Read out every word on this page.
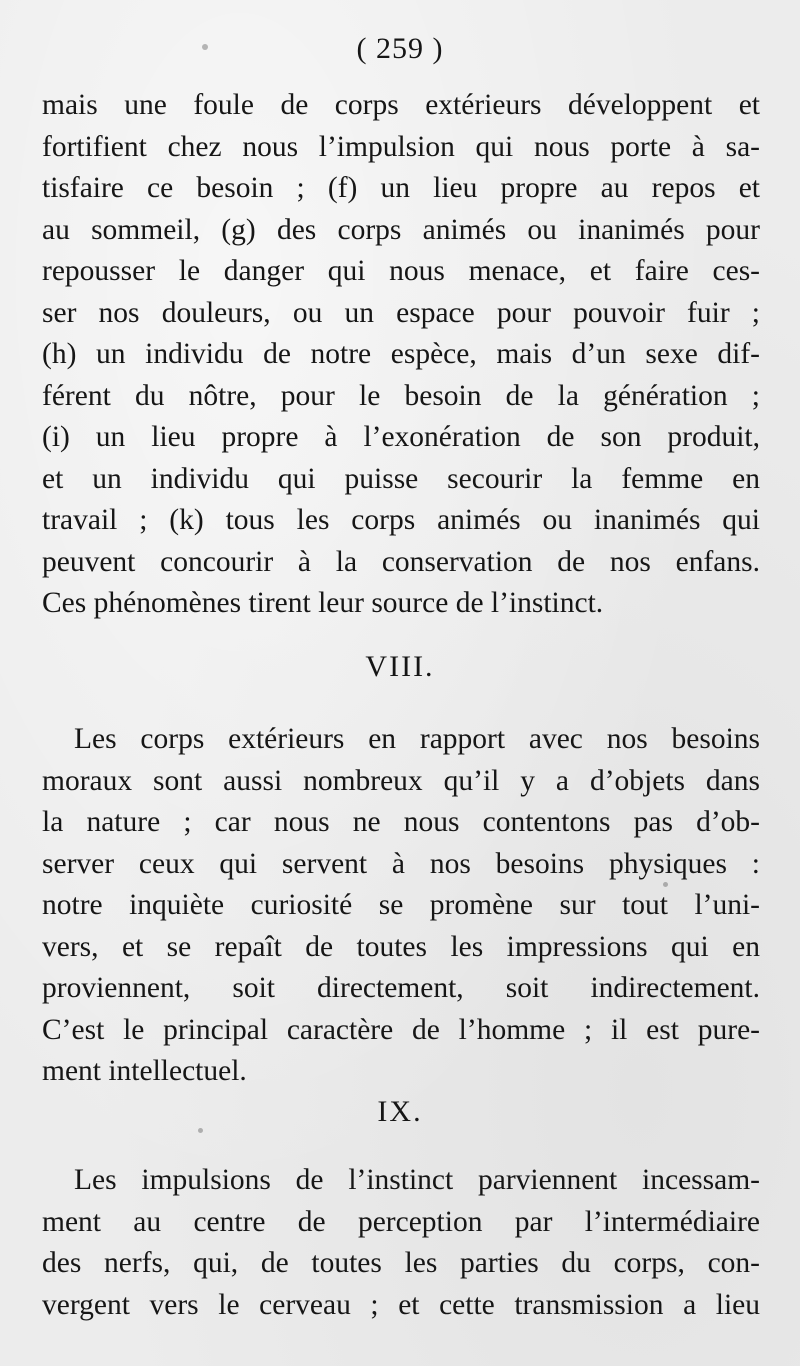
( 259 )
mais une foule de corps extérieurs développent et
fortifient chez nous l’impulsion qui nous porte à sa-
tisfaire ce besoin ; (f) un lieu propre au repos et
au sommeil, (g) des corps animés ou inanimés pour
repousser le danger qui nous menace, et faire ces-
ser nos douleurs, ou un espace pour pouvoir fuir ;
(h) un individu de notre espèce, mais d’un sexe dif-
férent du nôtre, pour le besoin de la génération ;
(i) un lieu propre à l’exonération de son produit,
et un individu qui puisse secourir la femme en
travail ; (k) tous les corps animés ou inanimés qui
peuvent concourir à la conservation de nos enfans.
Ces phénomènes tirent leur source de l’instinct.
VIII.
Les corps extérieurs en rapport avec nos besoins
moraux sont aussi nombreux qu’il y a d’objets dans
la nature ; car nous ne nous contentons pas d’ob-
server ceux qui servent à nos besoins physiques :
notre inquiète curiosité se promène sur tout l’uni-
vers, et se repaît de toutes les impressions qui en
proviennent, soit directement, soit indirectement.
C’est le principal caractère de l’homme ; il est pure-
ment intellectuel.
IX.
Les impulsions de l’instinct parviennent incessam-
ment au centre de perception par l’intermédiaire
des nerfs, qui, de toutes les parties du corps, con-
vergent vers le cerveau ; et cette transmission a lieu
